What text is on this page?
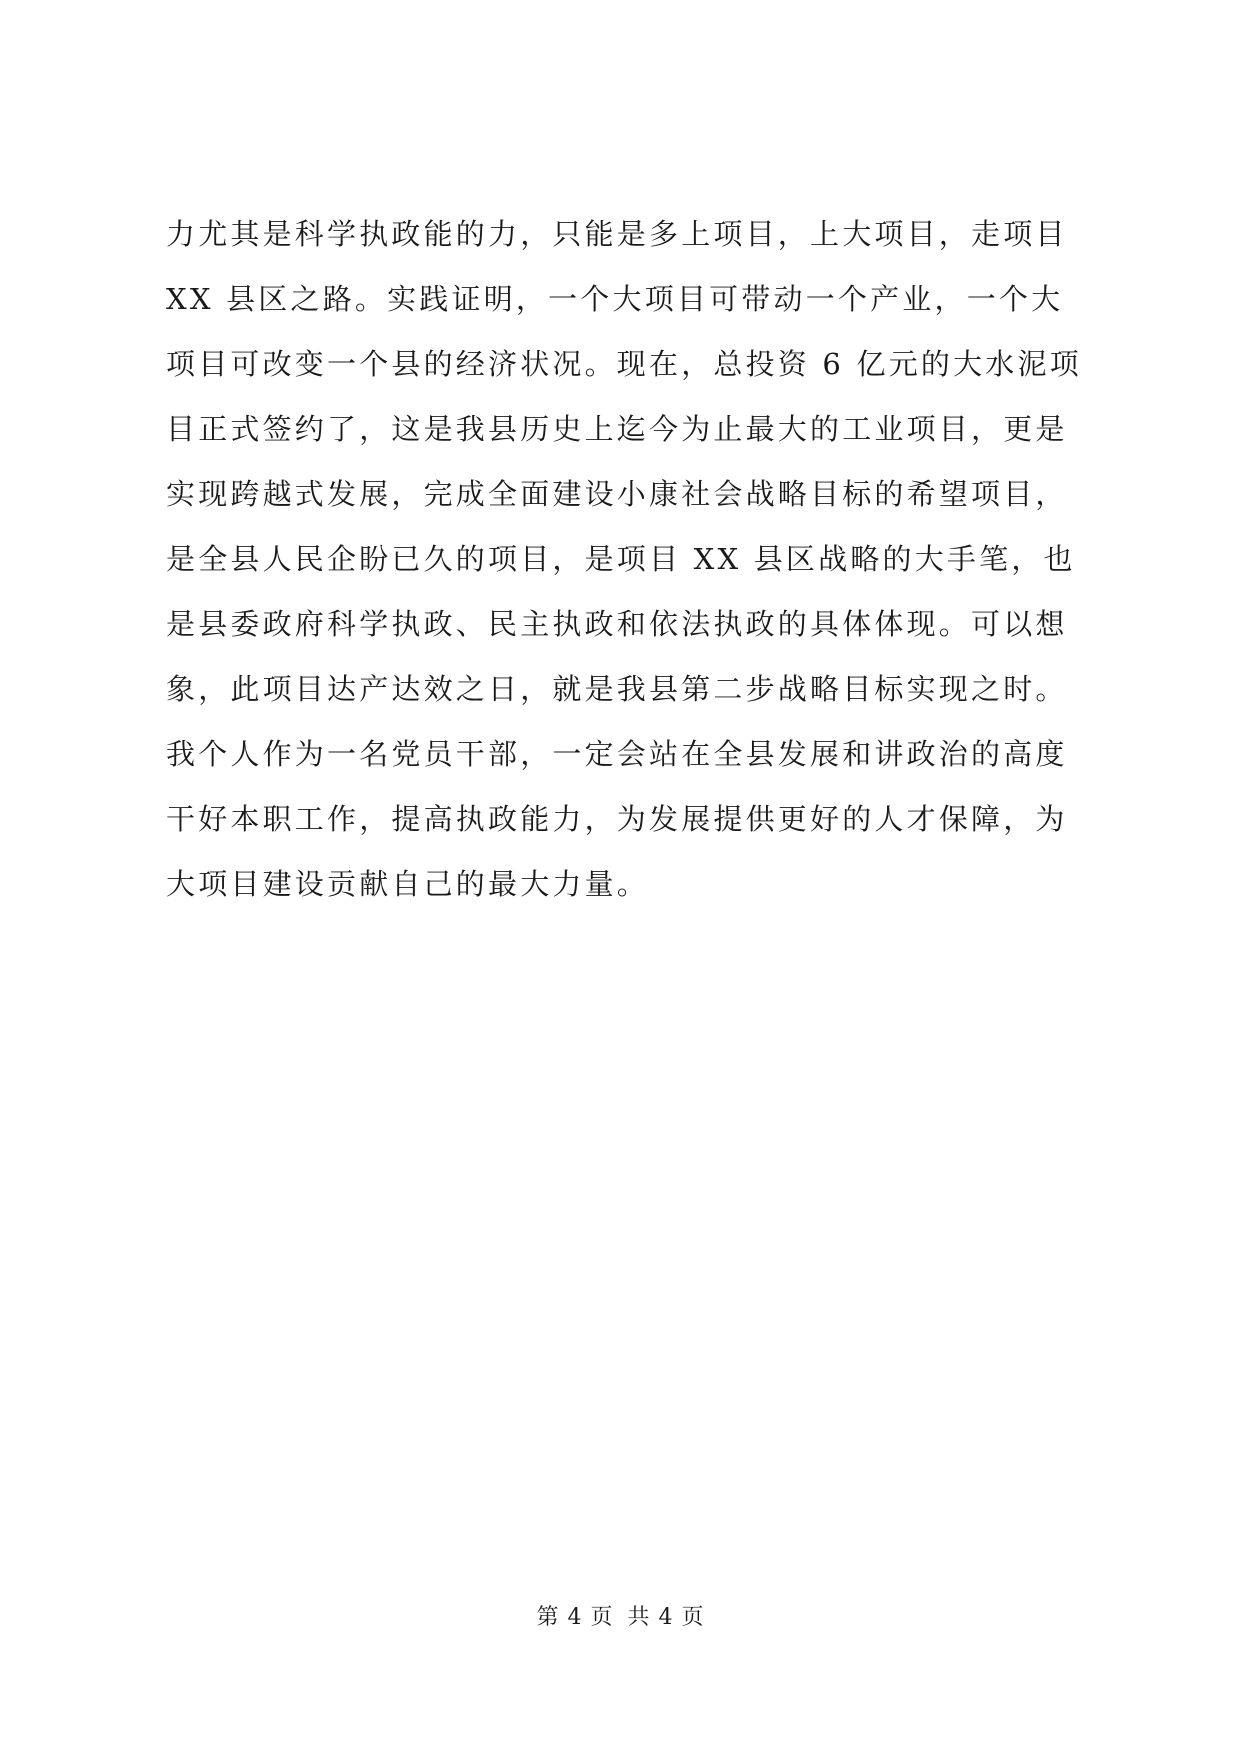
力尤其是科学执政能的力，只能是多上项目，上大项目，走项目
XX 县区之路。实践证明，一个大项目可带动一个产业，一个大
项目可改变一个县的经济状况。现在，总投资 6 亿元的大水泥项
目正式签约了，这是我县历史上迄今为止最大的工业项目，更是
实现跨越式发展，完成全面建设小康社会战略目标的希望项目，
是全县人民企盼已久的项目，是项目 XX 县区战略的大手笔，也
是县委政府科学执政、民主执政和依法执政的具体体现。可以想
象，此项目达产达效之日，就是我县第二步战略目标实现之时。
我个人作为一名党员干部，一定会站在全县发展和讲政治的高度
干好本职工作，提高执政能力，为发展提供更好的人才保障，为
大项目建设贡献自己的最大力量。
第 4 页 共 4 页
